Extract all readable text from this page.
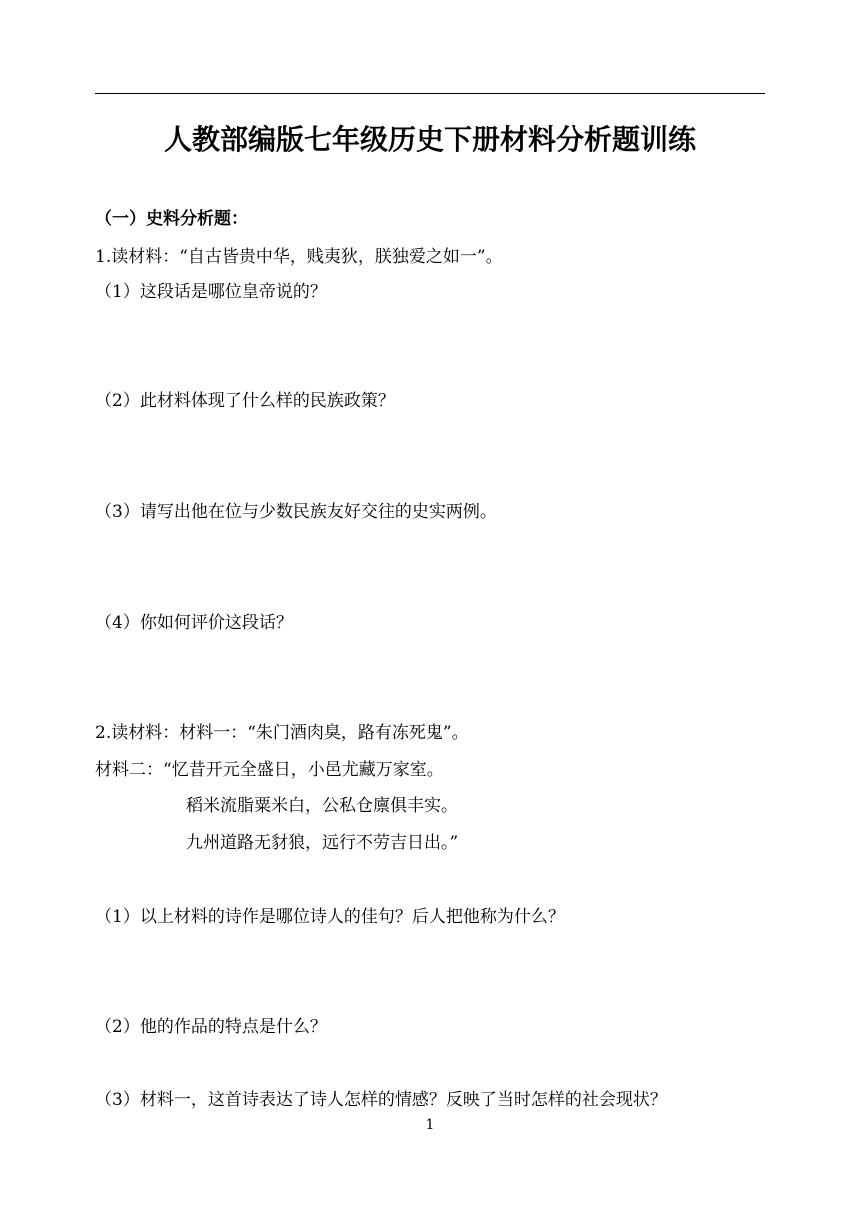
人教部编版七年级历史下册材料分析题训练
（一）史料分析题：
1.读材料：“自古皆贵中华，贱夷狄，朕独爱之如一”。
（1）这段话是哪位皇帝说的？
（2）此材料体现了什么样的民族政策？
（3）请写出他在位与少数民族友好交往的史实两例。
（4）你如何评价这段话？
2.读材料：材料一：“朱门酒肉臭，路有冻死鬼”。
材料二：“忆昔开元全盛日，小邑尤藏万家室。
稻米流脂粟米白，公私仓廪俱丰实。
九州道路无豺狼，远行不劳吉日出。”
（1）以上材料的诗作是哪位诗人的佳句？后人把他称为什么？
（2）他的作品的特点是什么？
（3）材料一，这首诗表达了诗人怎样的情感？反映了当时怎样的社会现状？
1
